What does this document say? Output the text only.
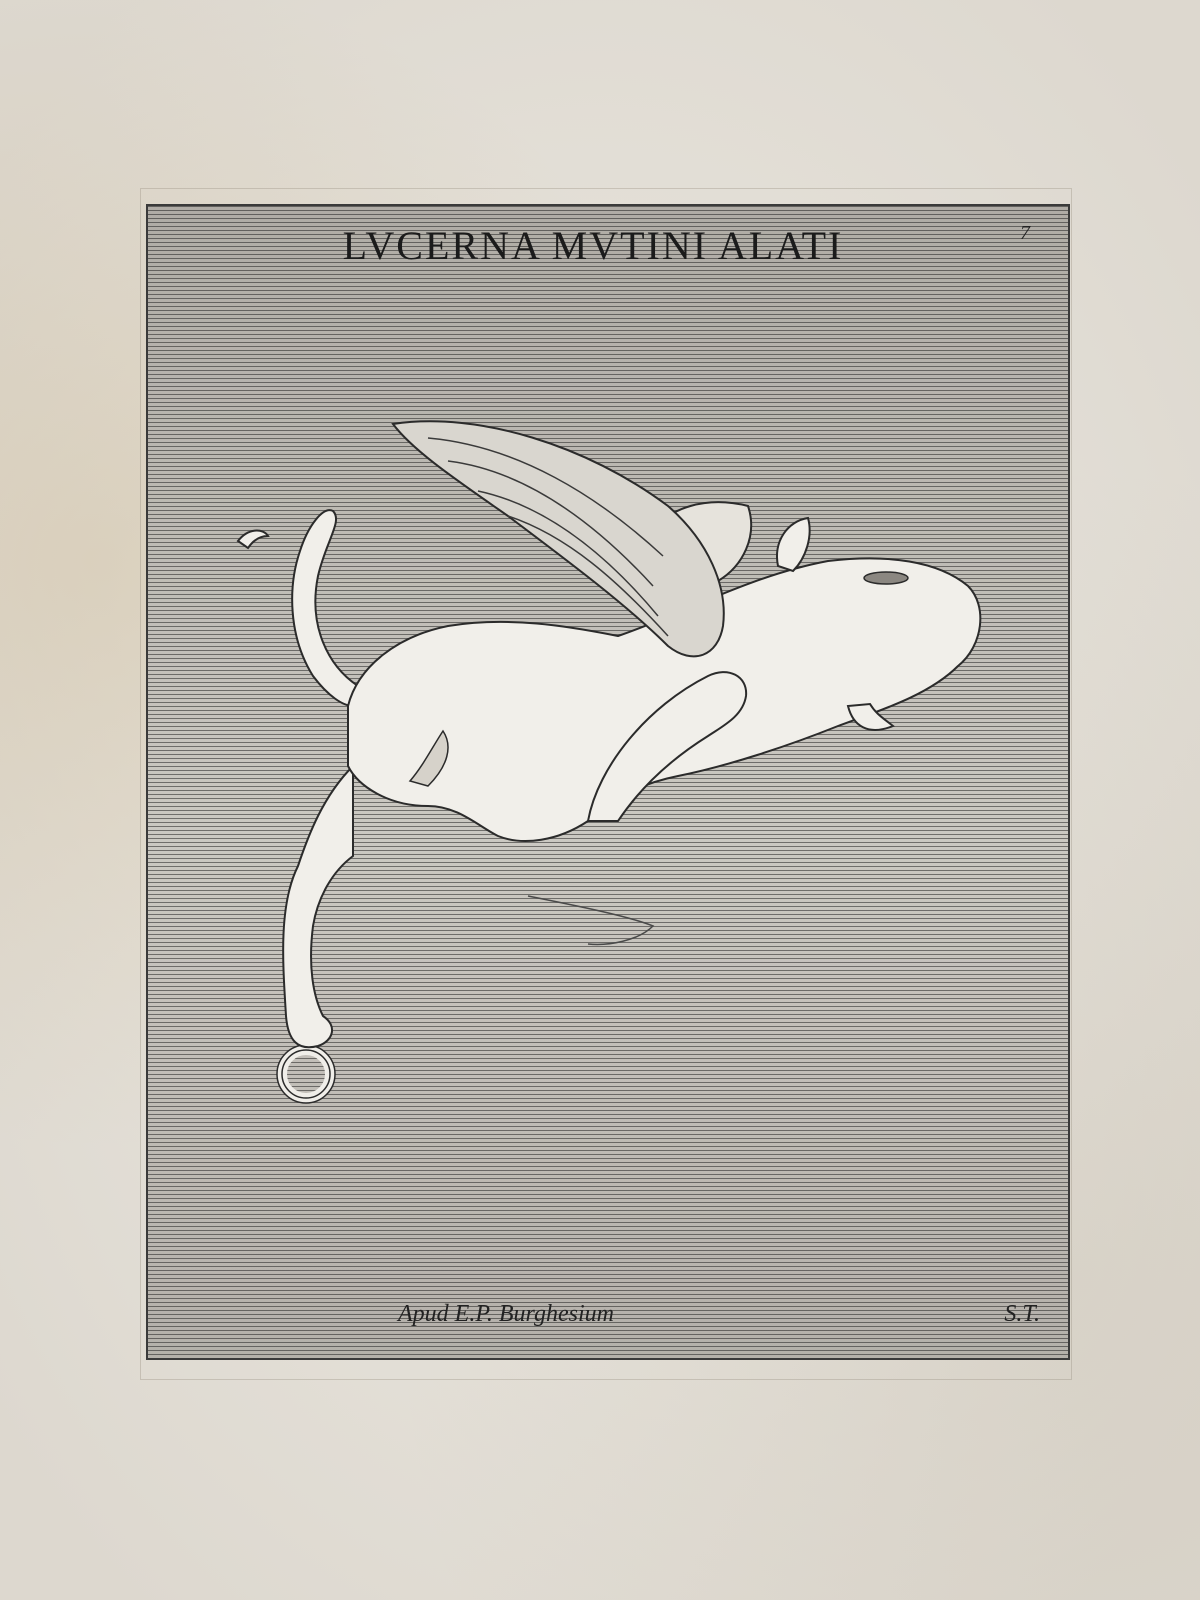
LVCERNA MVTINI ALATI	7
Apud E.P. Burghesium	S.T.
